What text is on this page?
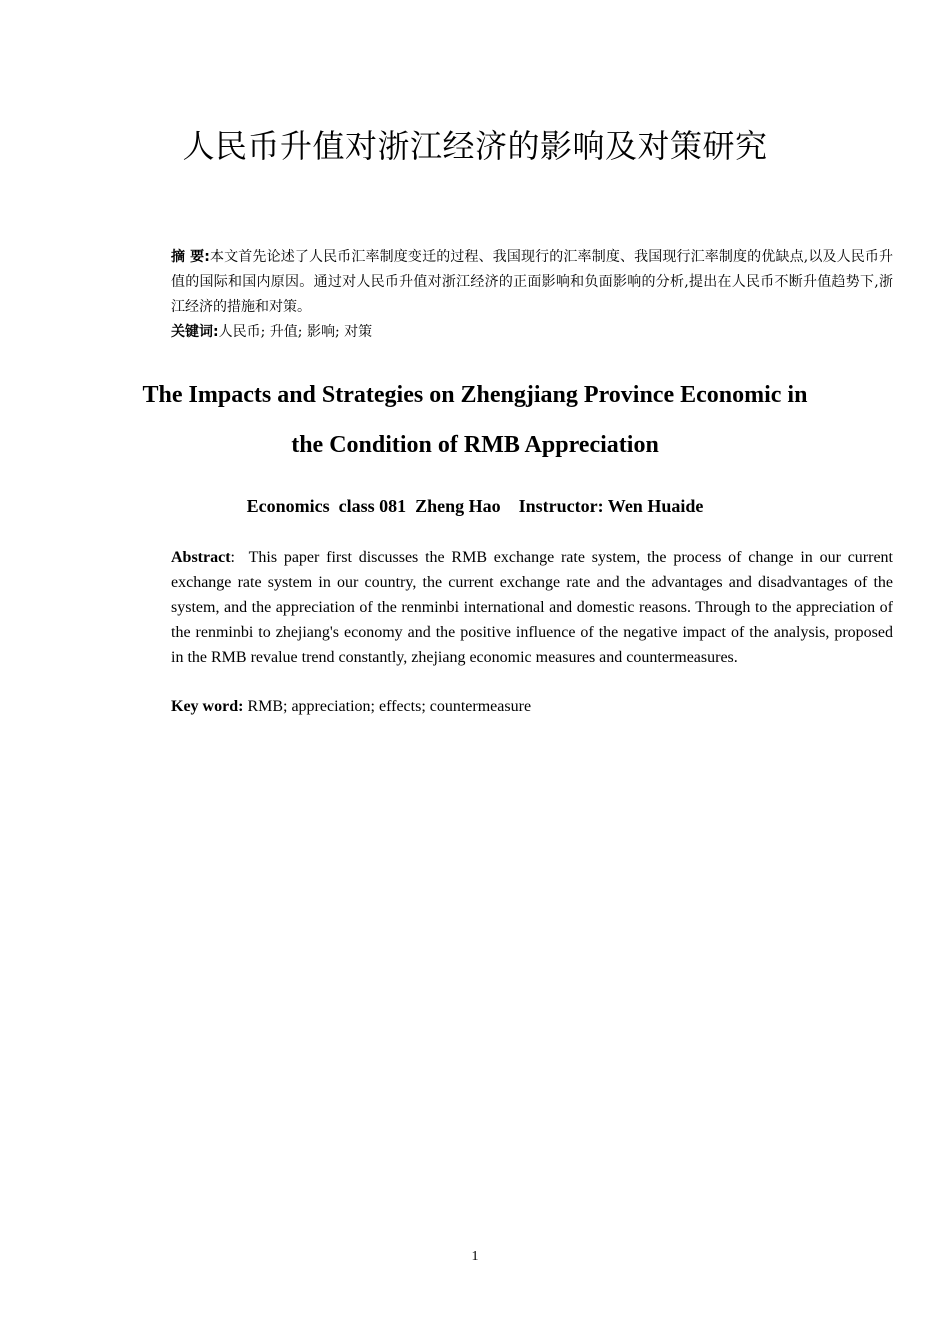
人民币升值对浙江经济的影响及对策研究

摘 要:本文首先论述了人民币汇率制度变迁的过程、我国现行的汇率制度、我国现行汇率制度的优缺点,以及人民币升值的国际和国内原因。通过对人民币升值对浙江经济的正面影响和负面影响的分析,提出在人民币不断升值趋势下,浙江经济的措施和对策。

关键词:人民币; 升值; 影响; 对策

The Impacts and Strategies on Zhengjiang Province Economic in
the Condition of RMB Appreciation

Economics  class 081  Zheng Hao    Instructor: Wen Huaide

Abstract: This paper first discusses the RMB exchange rate system, the process of change in our current exchange rate system in our country, the current exchange rate and the advantages and disadvantages of the system, and the appreciation of the renminbi international and domestic reasons. Through to the appreciation of the renminbi to zhejiang's economy and the positive influence of the negative impact of the analysis, proposed in the RMB revalue trend constantly, zhejiang economic measures and countermeasures.

Key word: RMB; appreciation; effects; countermeasure

1
